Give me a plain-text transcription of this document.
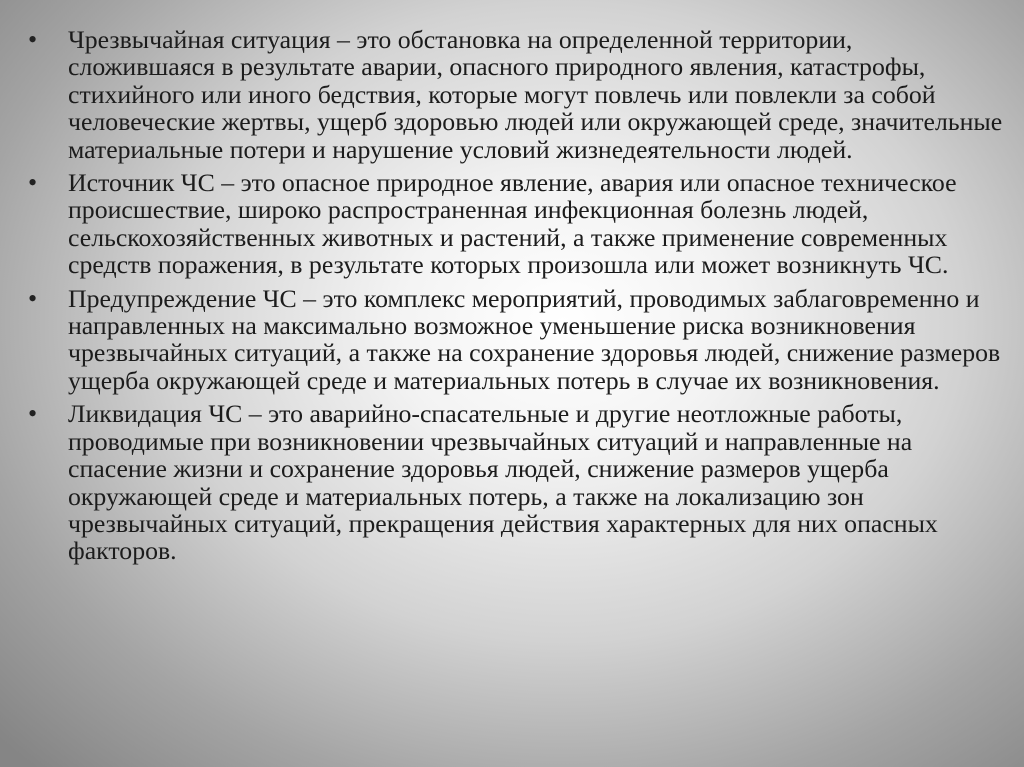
•	Чрезвычайная ситуация – это обстановка на определенной территории, сложившаяся в результате аварии, опасного природного явления, катастрофы, стихийного или иного бедствия, которые могут повлечь или повлекли за собой человеческие жертвы, ущерб здоровью людей или окружающей среде, значительные материальные потери и нарушение условий жизнедеятельности людей.
•	Источник ЧС – это опасное природное явление, авария или опасное техническое происшествие, широко распространенная инфекционная болезнь людей, сельскохозяйственных животных и растений, а также применение современных средств поражения, в результате которых произошла или может возникнуть ЧС.
•	Предупреждение ЧС – это комплекс мероприятий, проводимых заблаговременно и направленных на максимально возможное уменьшение риска возникновения чрезвычайных ситуаций, а также на сохранение здоровья людей, снижение размеров ущерба окружающей среде и материальных потерь в случае их возникновения.
•	Ликвидация ЧС – это аварийно-спасательные и другие неотложные работы, проводимые при возникновении чрезвычайных ситуаций и направленные на спасение жизни и сохранение здоровья людей, снижение размеров ущерба окружающей среде и материальных потерь, а также на локализацию зон чрезвычайных ситуаций, прекращения действия характерных для них опасных факторов.
